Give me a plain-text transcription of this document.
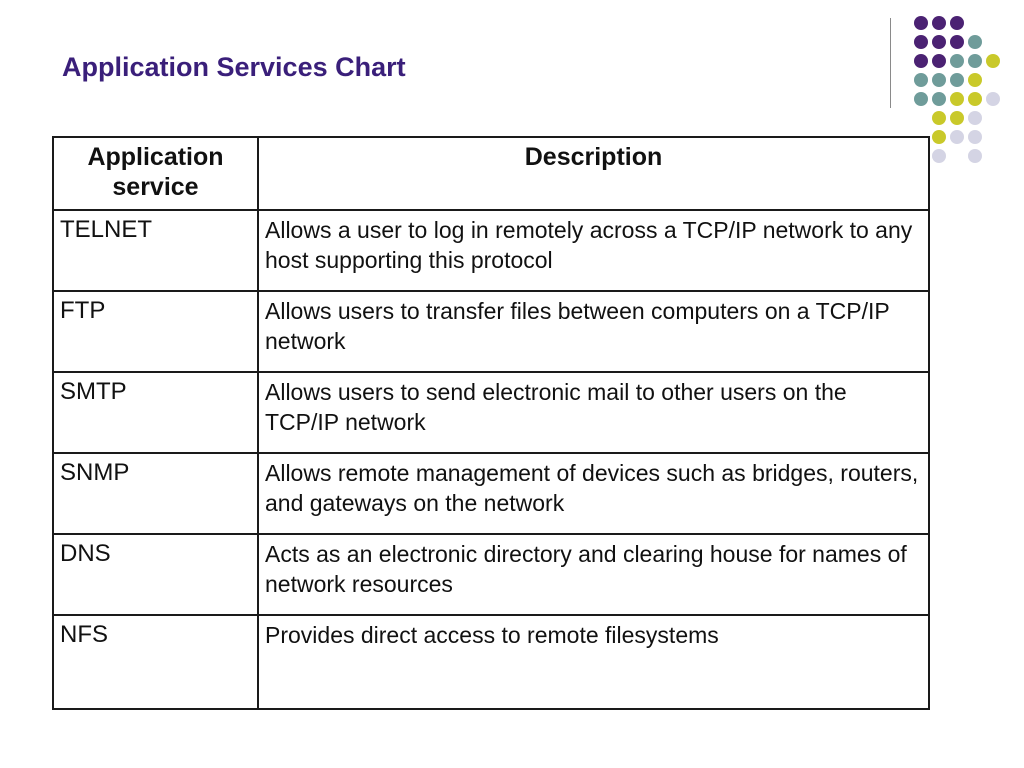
Application Services Chart
Application
service	Description
TELNET	Allows a user to log in remotely across a TCP/IP network to any host supporting this protocol
FTP	Allows users to transfer files between computers on a TCP/IP network
SMTP	Allows users to send electronic mail to other users on the TCP/IP network
SNMP	Allows remote management of devices such as bridges, routers, and gateways on the network
DNS	Acts as an electronic directory and clearing house for names of network resources
NFS	Provides direct access to remote filesystems
